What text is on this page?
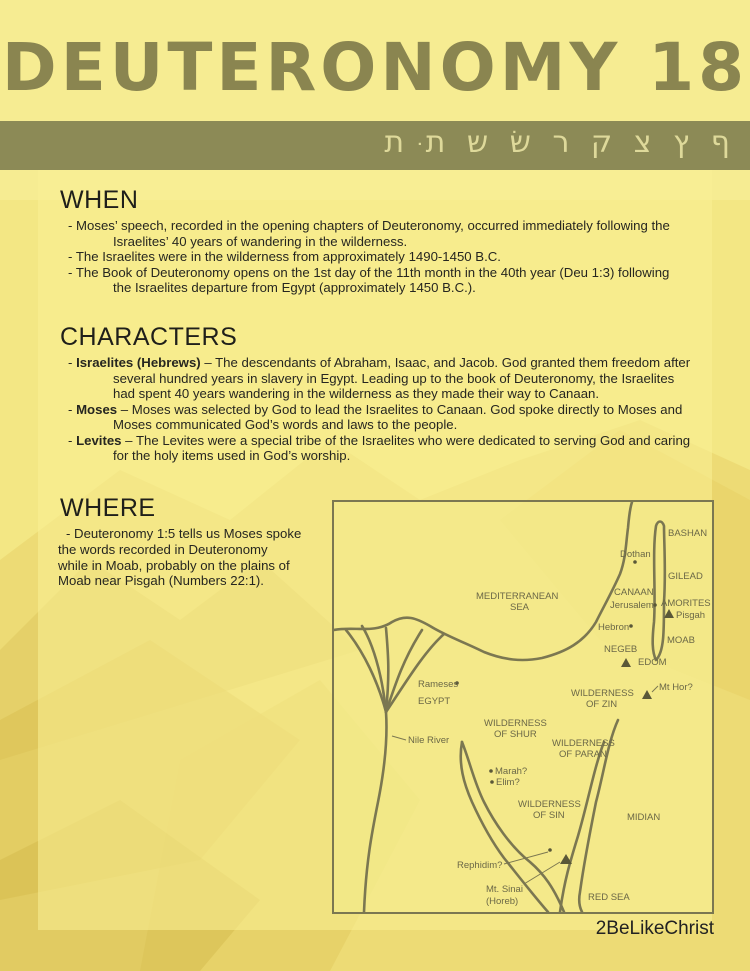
DEUTERONOMY 18
ף ץ צ ק ר ש ׁש ת ּת
WHEN
- Moses’ speech, recorded in the opening chapters of Deuteronomy, occurred immediately following the
Israelites’ 40 years of wandering in the wilderness.
- The Israelites were in the wilderness from approximately 1490-1450 B.C.
- The Book of Deuteronomy opens on the 1st day of the 11th month in the 40th year (Deu 1:3) following
the Israelites departure from Egypt (approximately 1450 B.C.).
CHARACTERS
- Israelites (Hebrews) – The descendants of Abraham, Isaac, and Jacob. God granted them freedom after
several hundred years in slavery in Egypt. Leading up to the book of Deuteronomy, the Israelites
had spent 40 years wandering in the wilderness as they made their way to Canaan.
- Moses – Moses was selected by God to lead the Israelites to Canaan. God spoke directly to Moses and
Moses communicated God’s words and laws to the people.
- Levites – The Levites were a special tribe of the Israelites who were dedicated to serving God and caring
for the holy items used in God’s worship.
WHERE

- Deuteronomy 1:5 tells us Moses spoke
the words recorded in Deuteronomy
while in Moab, probably on the plains of
Moab near Pisgah (Numbers 22:1).

BASHAN
Dothan
GILEAD
MEDITERRANEAN
SEA
CANAAN
Jerusalem AMORITES
Pisgah
Hebron
MOAB
NEGEB
EDOM
Rameses
EGYPT
Mt Hor?
WILDERNESS
OF ZIN
WILDERNESS
OF SHUR
Nile River	WILDERNESS
OF PARAN
Marah?
Elim?
WILDERNESS
OF SIN	MIDIAN
Rephidim?
Mt. Sinai
(Horeb)	RED SEA
2BeLikeChrist
